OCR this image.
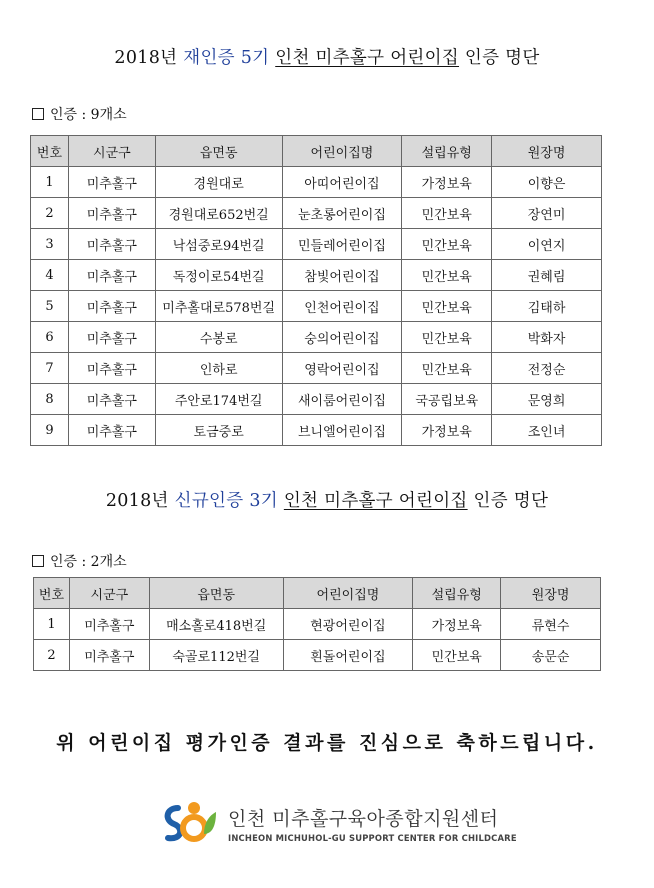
2018년 재인증 5기 인천 미추홀구 어린이집 인증 명단
인증 : 9개소
번호	시군구	읍면동	어린이집명	설립유형	원장명
1	미추홀구	경원대로	아띠어린이집	가정보육	이향은
2	미추홀구	경원대로652번길	눈초롱어린이집	민간보육	장연미
3	미추홀구	낙섬중로94번길	민들레어린이집	민간보육	이연지
4	미추홀구	독정이로54번길	참빛어린이집	민간보육	권혜림
5	미추홀구	미추홀대로578번길	인천어린이집	민간보육	김태하
6	미추홀구	수봉로	숭의어린이집	민간보육	박화자
7	미추홀구	인하로	영락어린이집	민간보육	전정순
8	미추홀구	주안로174번길	새이룸어린이집	국공립보육	문영희
9	미추홀구	토금중로	브니엘어린이집	가정보육	조인녀
2018년 신규인증 3기 인천 미추홀구 어린이집 인증 명단
인증 : 2개소
번호	시군구	읍면동	어린이집명	설립유형	원장명
1	미추홀구	매소홀로418번길	현광어린이집	가정보육	류현수
2	미추홀구	숙골로112번길	흰돌어린이집	민간보육	송문순
위 어린이집 평가인증 결과를 진심으로 축하드립니다.
인천 미추홀구육아종합지원센터
INCHEON MICHUHOL-GU SUPPORT CENTER FOR CHILDCARE
